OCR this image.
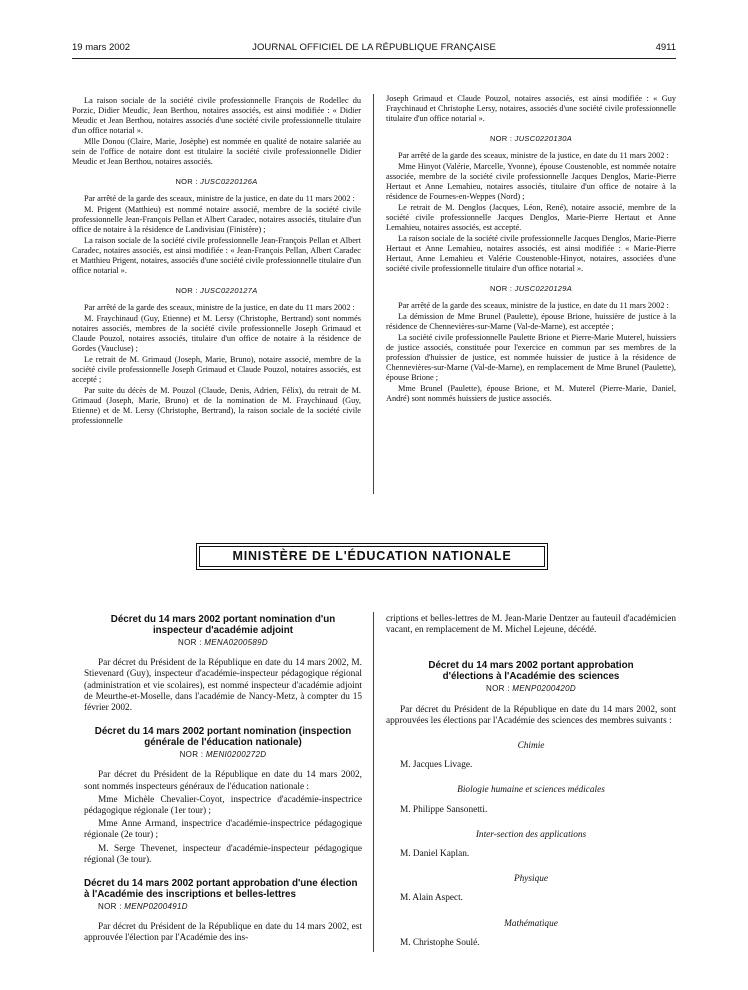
19 mars 2002	JOURNAL OFFICIEL DE LA RÉPUBLIQUE FRANÇAISE	4911

La raison sociale de la société civile professionnelle François de Rodellec du Porzic, Didier Meudic, Jean Berthou, notaires associés, est ainsi modifiée : « Didier Meudic et Jean Berthou, notaires associés d'une société civile professionnelle titulaire d'un office notarial ».

Mlle Donou (Claire, Marie, Josèphe) est nommée en qualité de notaire salariée au sein de l'office de notaire dont est titulaire la société civile professionnelle Didier Meudic et Jean Berthou, notaires associés.

NOR : JUSC0220126A

Par arrêté de la garde des sceaux, ministre de la justice, en date du 11 mars 2002 :

M. Prigent (Matthieu) est nommé notaire associé, membre de la société civile professionnelle Jean-François Pellan et Albert Caradec, notaires associés, titulaire d'un office de notaire à la résidence de Landivisiau (Finistère) ;

La raison sociale de la société civile professionnelle Jean-François Pellan et Albert Caradec, notaires associés, est ainsi modifiée : « Jean-François Pellan, Albert Caradec et Matthieu Prigent, notaires, associés d'une société civile professionnelle titulaire d'un office notarial ».

NOR : JUSC0220127A

Par arrêté de la garde des sceaux, ministre de la justice, en date du 11 mars 2002 :

M. Fraychinaud (Guy, Etienne) et M. Lersy (Christophe, Bertrand) sont nommés notaires associés, membres de la société civile professionnelle Joseph Grimaud et Claude Pouzol, notaires associés, titulaire d'un office de notaire à la résidence de Gordes (Vaucluse) ;

Le retrait de M. Grimaud (Joseph, Marie, Bruno), notaire associé, membre de la société civile professionnelle Joseph Grimaud et Claude Pouzol, notaires associés, est accepté ;

Par suite du décès de M. Pouzol (Claude, Denis, Adrien, Félix), du retrait de M. Grimaud (Joseph, Marie, Bruno) et de la nomination de M. Fraychinaud (Guy, Etienne) et de M. Lersy (Christophe, Bertrand), la raison sociale de la société civile professionnelle

Joseph Grimaud et Claude Pouzol, notaires associés, est ainsi modifiée : « Guy Fraychinaud et Christophe Lersy, notaires, associés d'une société civile professionnelle titulaire d'un office notarial ».

NOR : JUSC0220130A

Par arrêté de la garde des sceaux, ministre de la justice, en date du 11 mars 2002 :

Mme Hinyot (Valérie, Marcelle, Yvonne), épouse Coustenoble, est nommée notaire associée, membre de la société civile professionnelle Jacques Denglos, Marie-Pierre Hertaut et Anne Lemahieu, notaires associés, titulaire d'un office de notaire à la résidence de Fournes-en-Weppes (Nord) ;

Le retrait de M. Denglos (Jacques, Léon, René), notaire associé, membre de la société civile professionnelle Jacques Denglos, Marie-Pierre Hertaut et Anne Lemahieu, notaires associés, est accepté.

La raison sociale de la société civile professionnelle Jacques Denglos, Marie-Pierre Hertaut et Anne Lemahieu, notaires associés, est ainsi modifiée : « Marie-Pierre Hertaut, Anne Lemahieu et Valérie Coustenoble-Hinyot, notaires, associées d'une société civile professionnelle titulaire d'un office notarial ».

NOR : JUSC0220129A

Par arrêté de la garde des sceaux, ministre de la justice, en date du 11 mars 2002 :

La démission de Mme Brunel (Paulette), épouse Brione, huissière de justice à la résidence de Chennevières-sur-Marne (Val-de-Marne), est acceptée ;

La société civile professionnelle Paulette Brione et Pierre-Marie Muterel, huissiers de justice associés, constituée pour l'exercice en commun par ses membres de la profession d'huissier de justice, est nommée huissier de justice à la résidence de Chennevières-sur-Marne (Val-de-Marne), en remplacement de Mme Brunel (Paulette), épouse Brione ;

Mme Brunel (Paulette), épouse Brione, et M. Muterel (Pierre-Marie, Daniel, André) sont nommés huissiers de justice associés.

MINISTÈRE DE L'ÉDUCATION NATIONALE
Décret du 14 mars 2002 portant nomination d'un inspecteur d'académie adjoint
NOR : MENA0200589D

Par décret du Président de la République en date du 14 mars 2002, M. Stievenard (Guy), inspecteur d'académie-inspecteur pédagogique régional (administration et vie scolaires), est nommé inspecteur d'académie adjoint de Meurthe-et-Moselle, dans l'académie de Nancy-Metz, à compter du 15 février 2002.

Décret du 14 mars 2002 portant nomination (inspection générale de l'éducation nationale)
NOR : MENI0200272D

Par décret du Président de la République en date du 14 mars 2002, sont nommés inspecteurs généraux de l'éducation nationale :

Mme Michèle Chevalier-Coyot, inspectrice d'académie-inspectrice pédagogique régionale (1er tour) ;

Mme Anne Armand, inspectrice d'académie-inspectrice pédagogique régionale (2e tour) ;

M. Serge Thevenet, inspecteur d'académie-inspecteur pédagogique régional (3e tour).

Décret du 14 mars 2002 portant approbation d'une élection à l'Académie des inscriptions et belles-lettres
NOR : MENP0200491D

Par décret du Président de la République en date du 14 mars 2002, est approuvée l'élection par l'Académie des ins-

criptions et belles-lettres de M. Jean-Marie Dentzer au fauteuil d'académicien vacant, en remplacement de M. Michel Lejeune, décédé.

Décret du 14 mars 2002 portant approbation d'élections à l'Académie des sciences
NOR : MENP0200420D

Par décret du Président de la République en date du 14 mars 2002, sont approuvées les élections par l'Académie des sciences des membres suivants :

Chimie
M. Jacques Livage.
Biologie humaine et sciences médicales
M. Philippe Sansonetti.
Inter-section des applications
M. Daniel Kaplan.
Physique
M. Alain Aspect.
Mathématique
M. Christophe Soulé.
